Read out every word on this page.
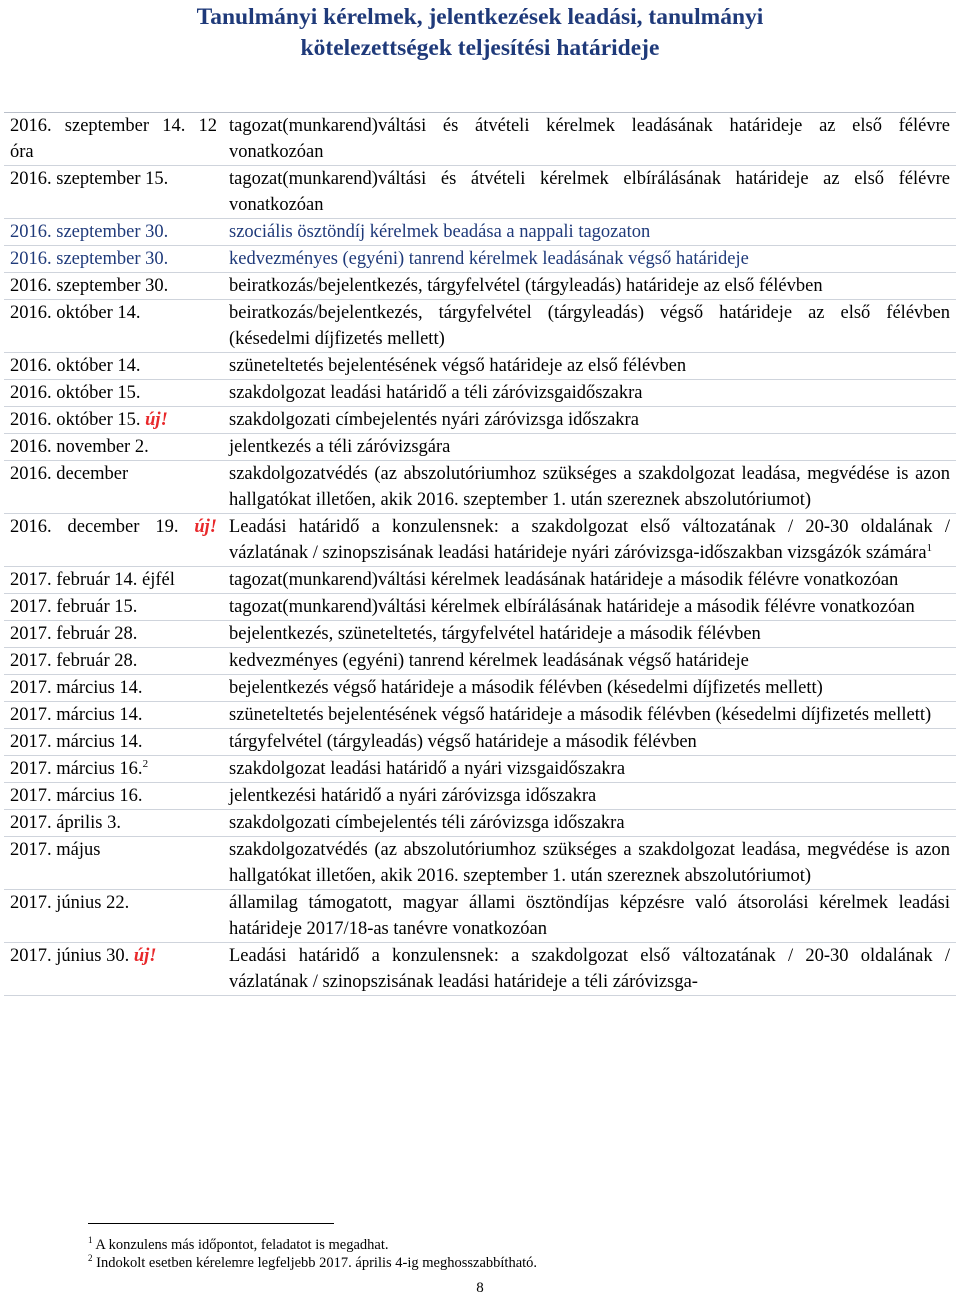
Tanulmányi kérelmek, jelentkezések leadási, tanulmányi
kötelezettségek teljesítési határideje
2016. szeptember 14. 12 óra	tagozat(munkarend)váltási és átvételi kérelmek leadásának határideje az első félévre vonatkozóan
2016. szeptember 15.	tagozat(munkarend)váltási és átvételi kérelmek elbírálásának határideje az első félévre vonatkozóan
2016. szeptember 30.	szociális ösztöndíj kérelmek beadása a nappali tagozaton
2016. szeptember 30.	kedvezményes (egyéni) tanrend kérelmek leadásának végső határideje
2016. szeptember 30.	beiratkozás/bejelentkezés, tárgyfelvétel (tárgyleadás) határideje az első félévben
2016. október 14.	beiratkozás/bejelentkezés, tárgyfelvétel (tárgyleadás) végső határideje az első félévben (késedelmi díjfizetés mellett)
2016. október 14.	szüneteltetés bejelentésének végső határideje az első félévben
2016. október 15.	szakdolgozat leadási határidő a téli záróvizsgaidőszakra
2016. október 15. új!	szakdolgozati címbejelentés nyári záróvizsga időszakra
2016. november 2.	jelentkezés a téli záróvizsgára
2016. december	szakdolgozatvédés (az abszolutóriumhoz szükséges a szakdolgozat leadása, megvédése is azon hallgatókat illetően, akik 2016. szeptember 1. után szereznek abszolutóriumot)
2016. december 19. új!	Leadási határidő a konzulensnek: a szakdolgozat első változatának / 20-30 oldalának / vázlatának / szinopszisának leadási határideje nyári záróvizsga-időszakban vizsgázók számára$^1$
2017. február 14. éjfél	tagozat(munkarend)váltási kérelmek leadásának határideje a második félévre vonatkozóan
2017. február 15.	tagozat(munkarend)váltási kérelmek elbírálásának határideje a második félévre vonatkozóan
2017. február 28.	bejelentkezés, szüneteltetés, tárgyfelvétel határideje a második félévben
2017. február 28.	kedvezményes (egyéni) tanrend kérelmek leadásának végső határideje
2017. március 14.	bejelentkezés végső határideje a második félévben (késedelmi díjfizetés mellett)
2017. március 14.	szüneteltetés bejelentésének végső határideje a második félévben (késedelmi díjfizetés mellett)
2017. március 14.	tárgyfelvétel (tárgyleadás) végső határideje a második félévben
2017. március 16.$^2$	szakdolgozat leadási határidő a nyári vizsgaidőszakra
2017. március 16.	jelentkezési határidő a nyári záróvizsga időszakra
2017. április 3.	szakdolgozati címbejelentés téli záróvizsga időszakra
2017. május	szakdolgozatvédés (az abszolutóriumhoz szükséges a szakdolgozat leadása, megvédése is azon hallgatókat illetően, akik 2016. szeptember 1. után szereznek abszolutóriumot)
2017. június 22.	államilag támogatott, magyar állami ösztöndíjas képzésre való átsorolási kérelmek leadási határideje 2017/18-as tanévre vonatkozóan
2017. június 30. új!	Leadási határidő a konzulensnek: a szakdolgozat első változatának / 20-30 oldalának / vázlatának / szinopszisának leadási határideje a téli záróvizsga-
$^1$ A konzulens más időpontot, feladatot is megadhat.
$^2$ Indokolt esetben kérelemre legfeljebb 2017. április 4-ig meghosszabbítható.
8
